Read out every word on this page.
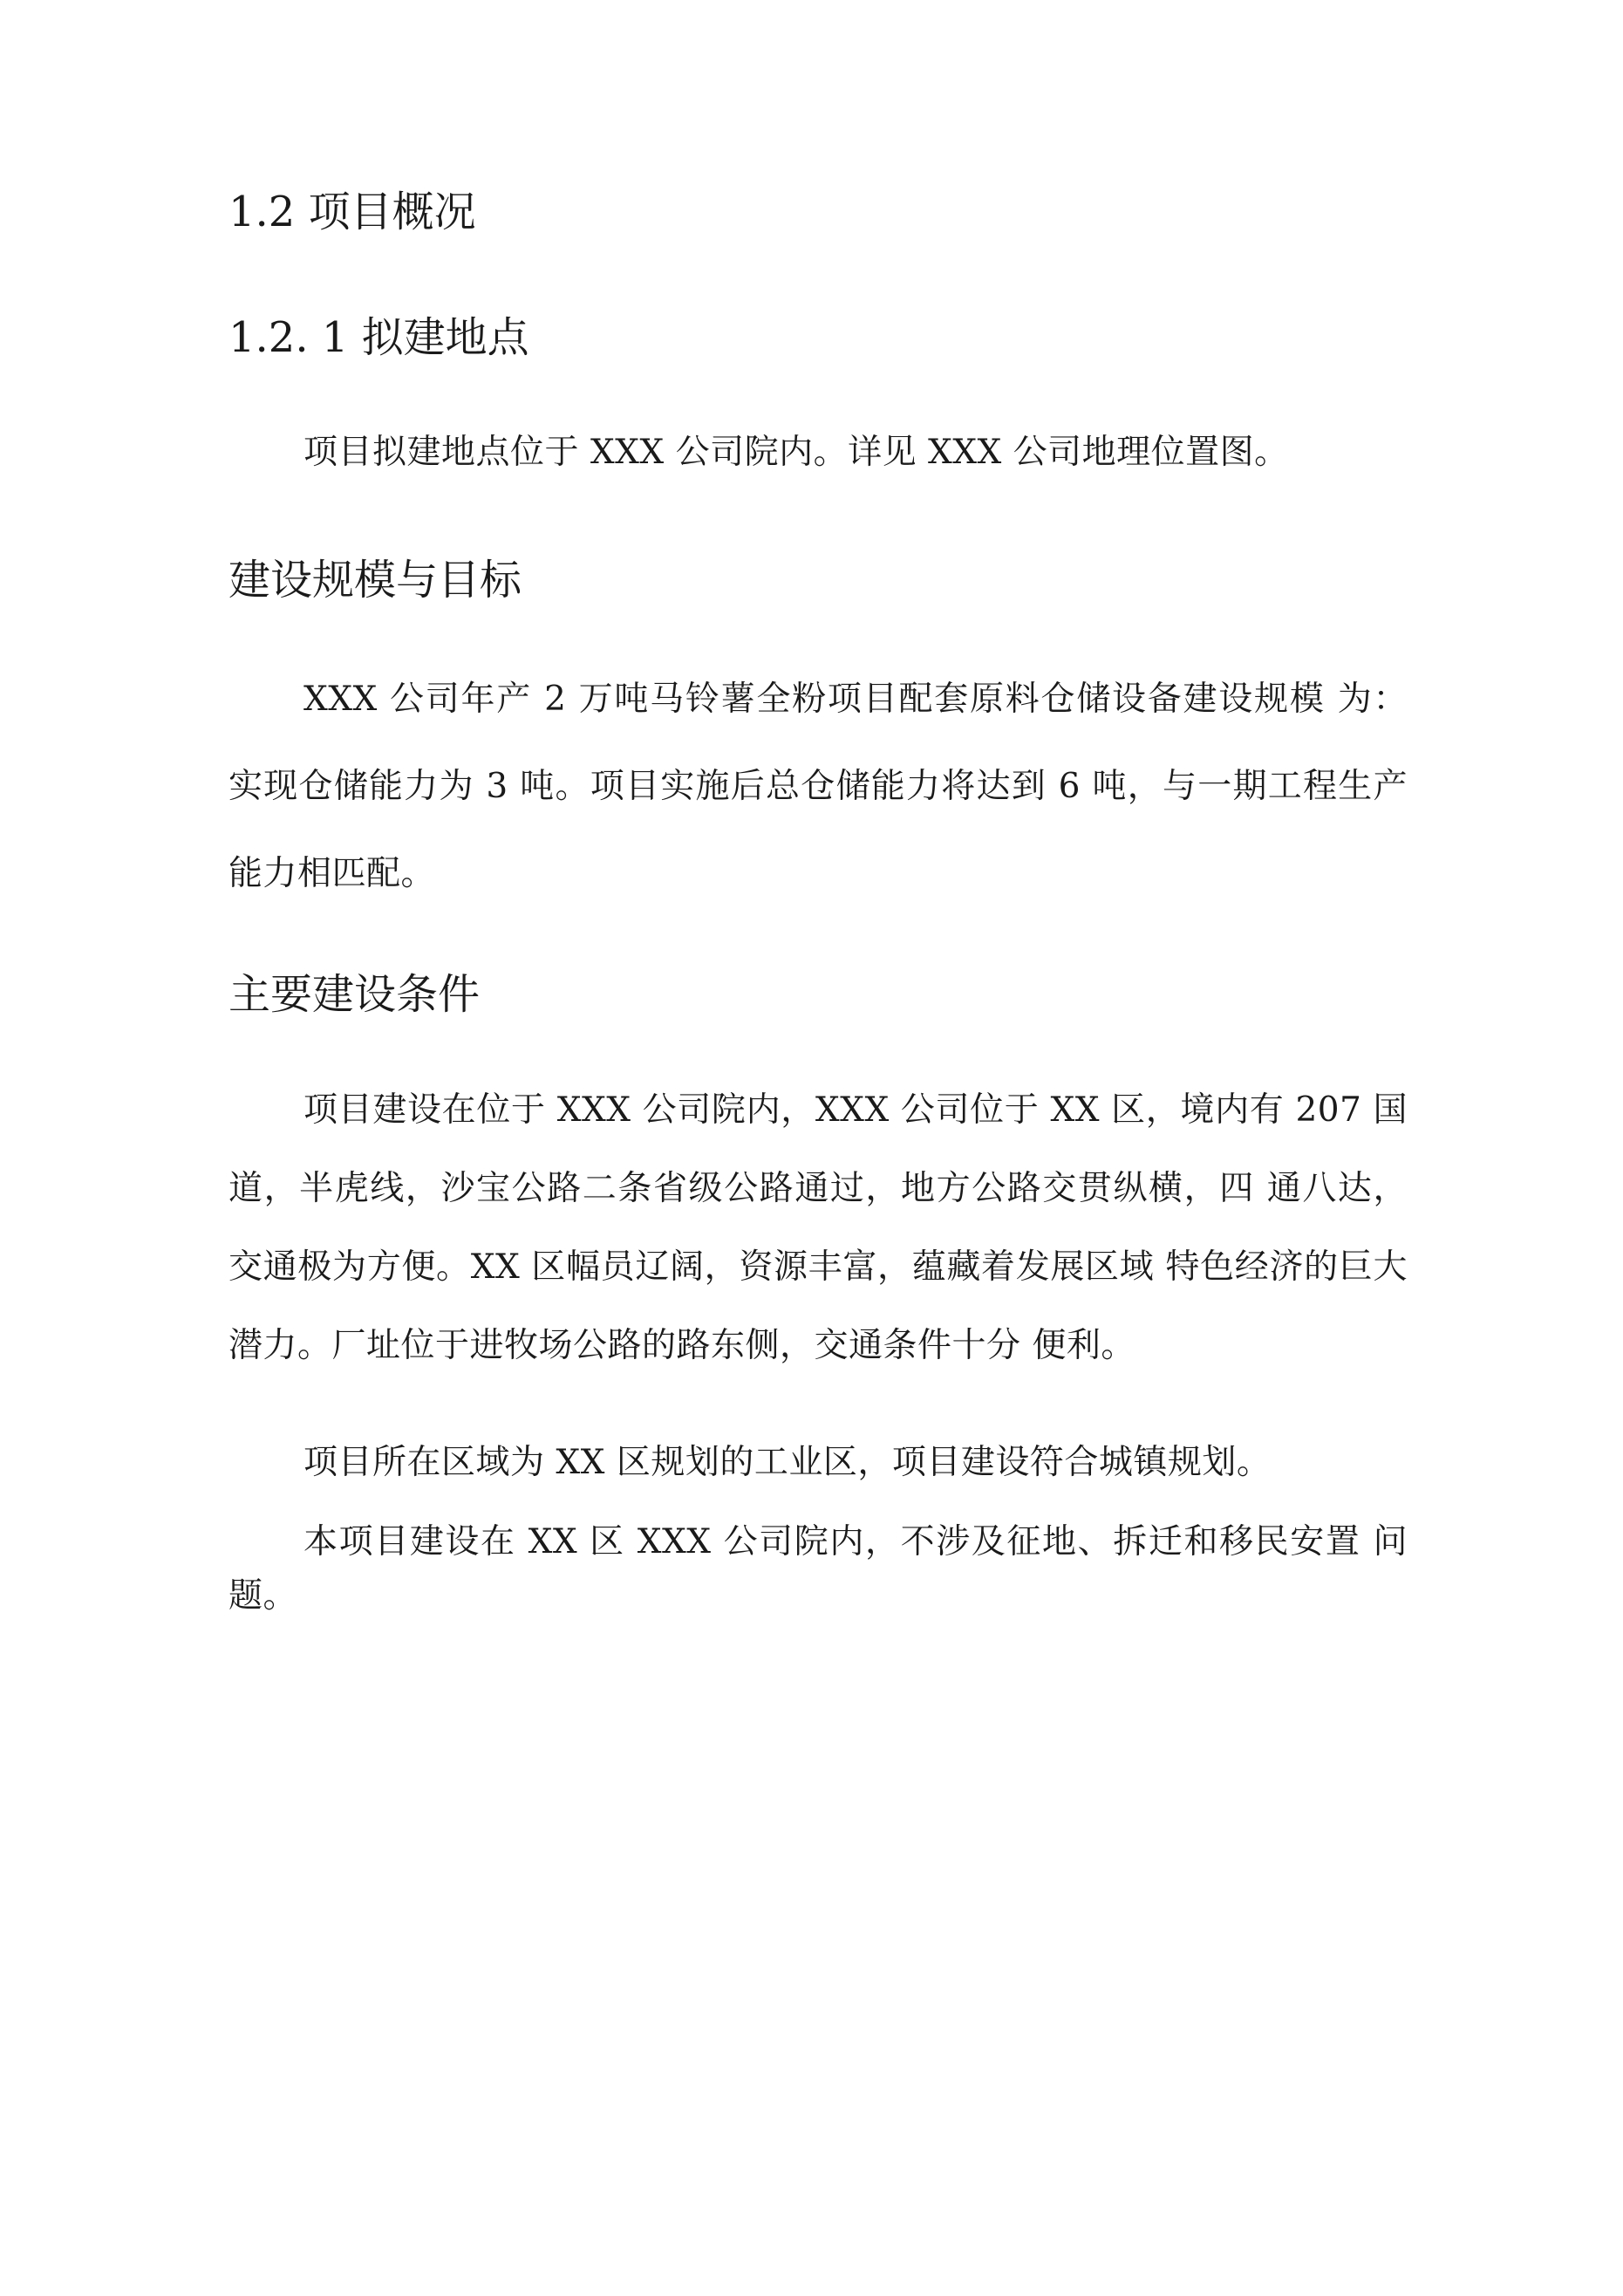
1.2 项目概况
1.2. 1 拟建地点

项目拟建地点位于 XXX 公司院内。详见 XXX 公司地理位置图。

建设规模与目标

XXX 公司年产 2 万吨马铃薯全粉项目配套原料仓储设备建设规模 为：实现仓储能力为 3 吨。项目实施后总仓储能力将达到 6 吨，与一期工程生产能力相匹配。

主要建设条件

项目建设在位于 XXX 公司院内，XXX 公司位于 XX 区，境内有 207 国道，半虎线，沙宝公路二条省级公路通过，地方公路交贯纵横，四 通八达，交通极为方便。XX 区幅员辽阔，资源丰富，蕴藏着发展区域 特色经济的巨大潜力。厂址位于进牧场公路的路东侧，交通条件十分 便利。

项目所在区域为 XX 区规划的工业区，项目建设符合城镇规划。

本项目建设在 XX 区 XXX 公司院内，不涉及征地、拆迁和移民安置 问题。
